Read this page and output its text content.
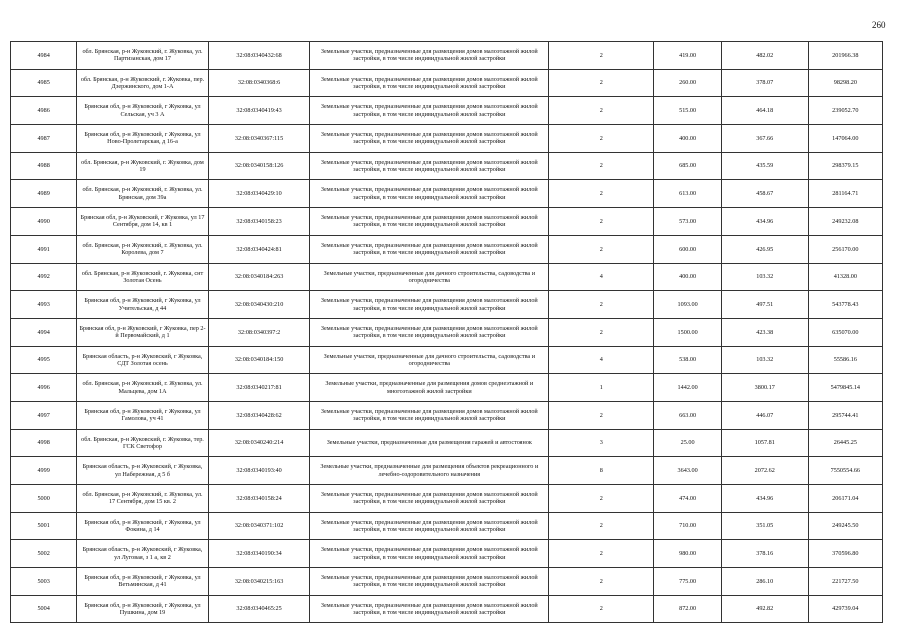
260
4984	обл. Брянская, р-н Жуковский, г. Жуковка, ул. Партизанская, дом 17	32:08:0340432:68	Земельные участки, предназначенные для размещения домов малоэтажной жилой застройки, в том числе индивидуальной жилой застройки	2	419.00	482.02	201966.38
4985	обл. Брянская, р-н Жуковский, г. Жуковка, пер. Дзержинского, дом 1-А	32:08:0340368:6	Земельные участки, предназначенные для размещения домов малоэтажной жилой застройки, в том числе индивидуальной жилой застройки	2	260.00	378.07	98298.20
4986	Брянская обл, р-н Жуковский, г Жуковка, ул Сельская, уч 3 А	32:08:0340419:43	Земельные участки, предназначенные для размещения домов малоэтажной жилой застройки, в том числе индивидуальной жилой застройки	2	515.00	464.18	239052.70
4987	Брянская обл, р-н Жуковский, г Жуковка, ул Ново-Пролетарская, д 16-а	32:08:0340367:115	Земельные участки, предназначенные для размещения домов малоэтажной жилой застройки, в том числе индивидуальной жилой застройки	2	400.00	367.66	147064.00
4988	обл. Брянская, р-н Жуковский, г. Жуковка, дом 19	32:08:0340158:126	Земельные участки, предназначенные для размещения домов малоэтажной жилой застройки, в том числе индивидуальной жилой застройки	2	685.00	435.59	298379.15
4989	обл. Брянская, р-н Жуковский, г. Жуковка, ул. Брянская, дом 39а	32:08:0340429:10	Земельные участки, предназначенные для размещения домов малоэтажной жилой застройки, в том числе индивидуальной жилой застройки	2	613.00	458.67	281164.71
4990	Брянская обл, р-н Жуковский, г Жуковка, ул 17 Сентября, дом 14, кв 1	32:08:0340158:23	Земельные участки, предназначенные для размещения домов малоэтажной жилой застройки, в том числе индивидуальной жилой застройки	2	573.00	434.96	249232.08
4991	обл. Брянская, р-н Жуковский, г. Жуковка, ул. Королева, дом 7	32:08:0340424:81	Земельные участки, предназначенные для размещения домов малоэтажной жилой застройки, в том числе индивидуальной жилой застройки	2	600.00	426.95	256170.00
4992	обл. Брянская, р-н Жуковский, г. Жуковка, снт Золотая Осень	32:08:0340184:263	Земельные участки, предназначенные для дачного строительства, садоводства и огородничества	4	400.00	103.32	41328.00
4993	Брянская обл, р-н Жуковский, г Жуковка, ул Учительская, д 44	32:08:0340430:210	Земельные участки, предназначенные для размещения домов малоэтажной жилой застройки, в том числе индивидуальной жилой застройки	2	1093.00	497.51	543778.43
4994	Брянская обл, р-н Жуковский, г Жуковка, пер 2-й Первомайский, д 1	32:08:0340397:2	Земельные участки, предназначенные для размещения домов малоэтажной жилой застройки, в том числе индивидуальной жилой застройки	2	1500.00	423.38	635070.00
4995	Брянская область, р-н Жуковский, г Жуковка, СДТ Золотая осень	32:08:0340184:150	Земельные участки, предназначенные для дачного строительства, садоводства и огородничества	4	538.00	103.32	55586.16
4996	обл. Брянская, р-н Жуковский, г. Жуковка, ул. Мальцева, дом 1А	32:08:0340217:81	Земельные участки, предназначенные для размещения домов среднеэтажной и многоэтажной жилой застройки	1	1442.00	3800.17	5479845.14
4997	Брянская обл, р-н Жуковский, г Жуковка, ул Гамолова, уч 41	32:08:0340428:62	Земельные участки, предназначенные для размещения домов малоэтажной жилой застройки, в том числе индивидуальной жилой застройки	2	663.00	446.07	295744.41
4998	обл. Брянская, р-н Жуковский, г. Жуковка, тер. ГСК Светофор	32:08:0340240:214	Земельные участки, предназначенные для размещения гаражей и автостоянок	3	25.00	1057.81	26445.25
4999	Брянская область, р-н Жуковский, г Жуковка, ул Набережная, д 5 б	32:08:0340193:40	Земельные участки, предназначенные для размещения объектов рекреационного и лечебно-оздоровительного назначения	8	3643.00	2072.62	7550554.66
5000	обл. Брянская, р-н Жуковский, г. Жуковка, ул. 17 Сентября, дом 15 кв. 2	32:08:0340158:24	Земельные участки, предназначенные для размещения домов малоэтажной жилой застройки, в том числе индивидуальной жилой застройки	2	474.00	434.96	206171.04
5001	Брянская обл, р-н Жуковский, г Жуковка, ул Фокина, д 14	32:08:0340371:102	Земельные участки, предназначенные для размещения домов малоэтажной жилой застройки, в том числе индивидуальной жилой застройки	2	710.00	351.05	249245.50
5002	Брянская область, р-н Жуковский, г Жуковка, ул Луговая, з 1 а, кв 2	32:08:0340190:34	Земельные участки, предназначенные для размещения домов малоэтажной жилой застройки, в том числе индивидуальной жилой застройки	2	980.00	378.16	370596.80
5003	Брянская обл, р-н Жуковский, г Жуковка, ул Ветьминская, д 41	32:08:0340215:163	Земельные участки, предназначенные для размещения домов малоэтажной жилой застройки, в том числе индивидуальной жилой застройки	2	775.00	286.10	221727.50
5004	Брянская обл, р-н Жуковский, г Жуковка, ул Пушкина, дом 19	32:08:0340465:25	Земельные участки, предназначенные для размещения домов малоэтажной жилой застройки, в том числе индивидуальной жилой застройки	2	872.00	492.82	429739.04
